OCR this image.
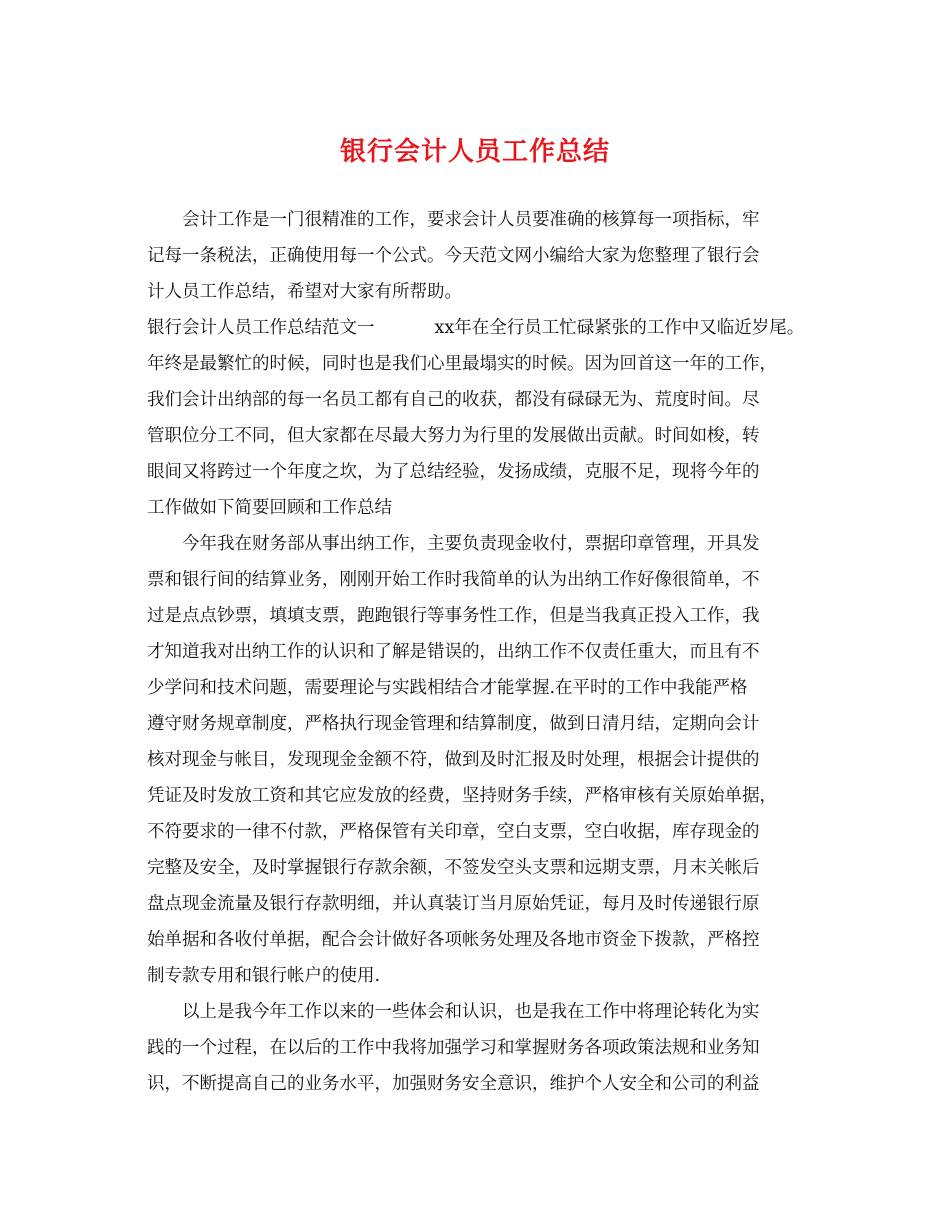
银行会计人员工作总结
会计工作是一门很精准的工作，要求会计人员要准确的核算每一项指标，牢
记每一条税法，正确使用每一个公式。今天范文网小编给大家为您整理了银行会
计人员工作总结，希望对大家有所帮助。
银行会计人员工作总结范文一	xx年在全行员工忙碌紧张的工作中又临近岁尾。
年终是最繁忙的时候，同时也是我们心里最塌实的时候。因为回首这一年的工作，
我们会计出纳部的每一名员工都有自己的收获，都没有碌碌无为、荒度时间。尽
管职位分工不同，但大家都在尽最大努力为行里的发展做出贡献。时间如梭，转
眼间又将跨过一个年度之坎，为了总结经验，发扬成绩，克服不足，现将今年的
工作做如下简要回顾和工作总结
今年我在财务部从事出纳工作，主要负责现金收付，票据印章管理，开具发
票和银行间的结算业务，刚刚开始工作时我简单的认为出纳工作好像很简单，不
过是点点钞票，填填支票，跑跑银行等事务性工作，但是当我真正投入工作，我
才知道我对出纳工作的认识和了解是错误的，出纳工作不仅责任重大，而且有不
少学问和技术问题，需要理论与实践相结合才能掌握.在平时的工作中我能严格
遵守财务规章制度，严格执行现金管理和结算制度，做到日清月结，定期向会计
核对现金与帐目，发现现金金额不符，做到及时汇报及时处理，根据会计提供的
凭证及时发放工资和其它应发放的经费，坚持财务手续，严格审核有关原始单据，
不符要求的一律不付款，严格保管有关印章，空白支票，空白收据，库存现金的
完整及安全，及时掌握银行存款余额，不签发空头支票和远期支票，月末关帐后
盘点现金流量及银行存款明细，并认真装订当月原始凭证，每月及时传递银行原
始单据和各收付单据，配合会计做好各项帐务处理及各地市资金下拨款，严格控
制专款专用和银行帐户的使用.
以上是我今年工作以来的一些体会和认识，也是我在工作中将理论转化为实
践的一个过程，在以后的工作中我将加强学习和掌握财务各项政策法规和业务知
识，不断提高自己的业务水平，加强财务安全意识，维护个人安全和公司的利益
